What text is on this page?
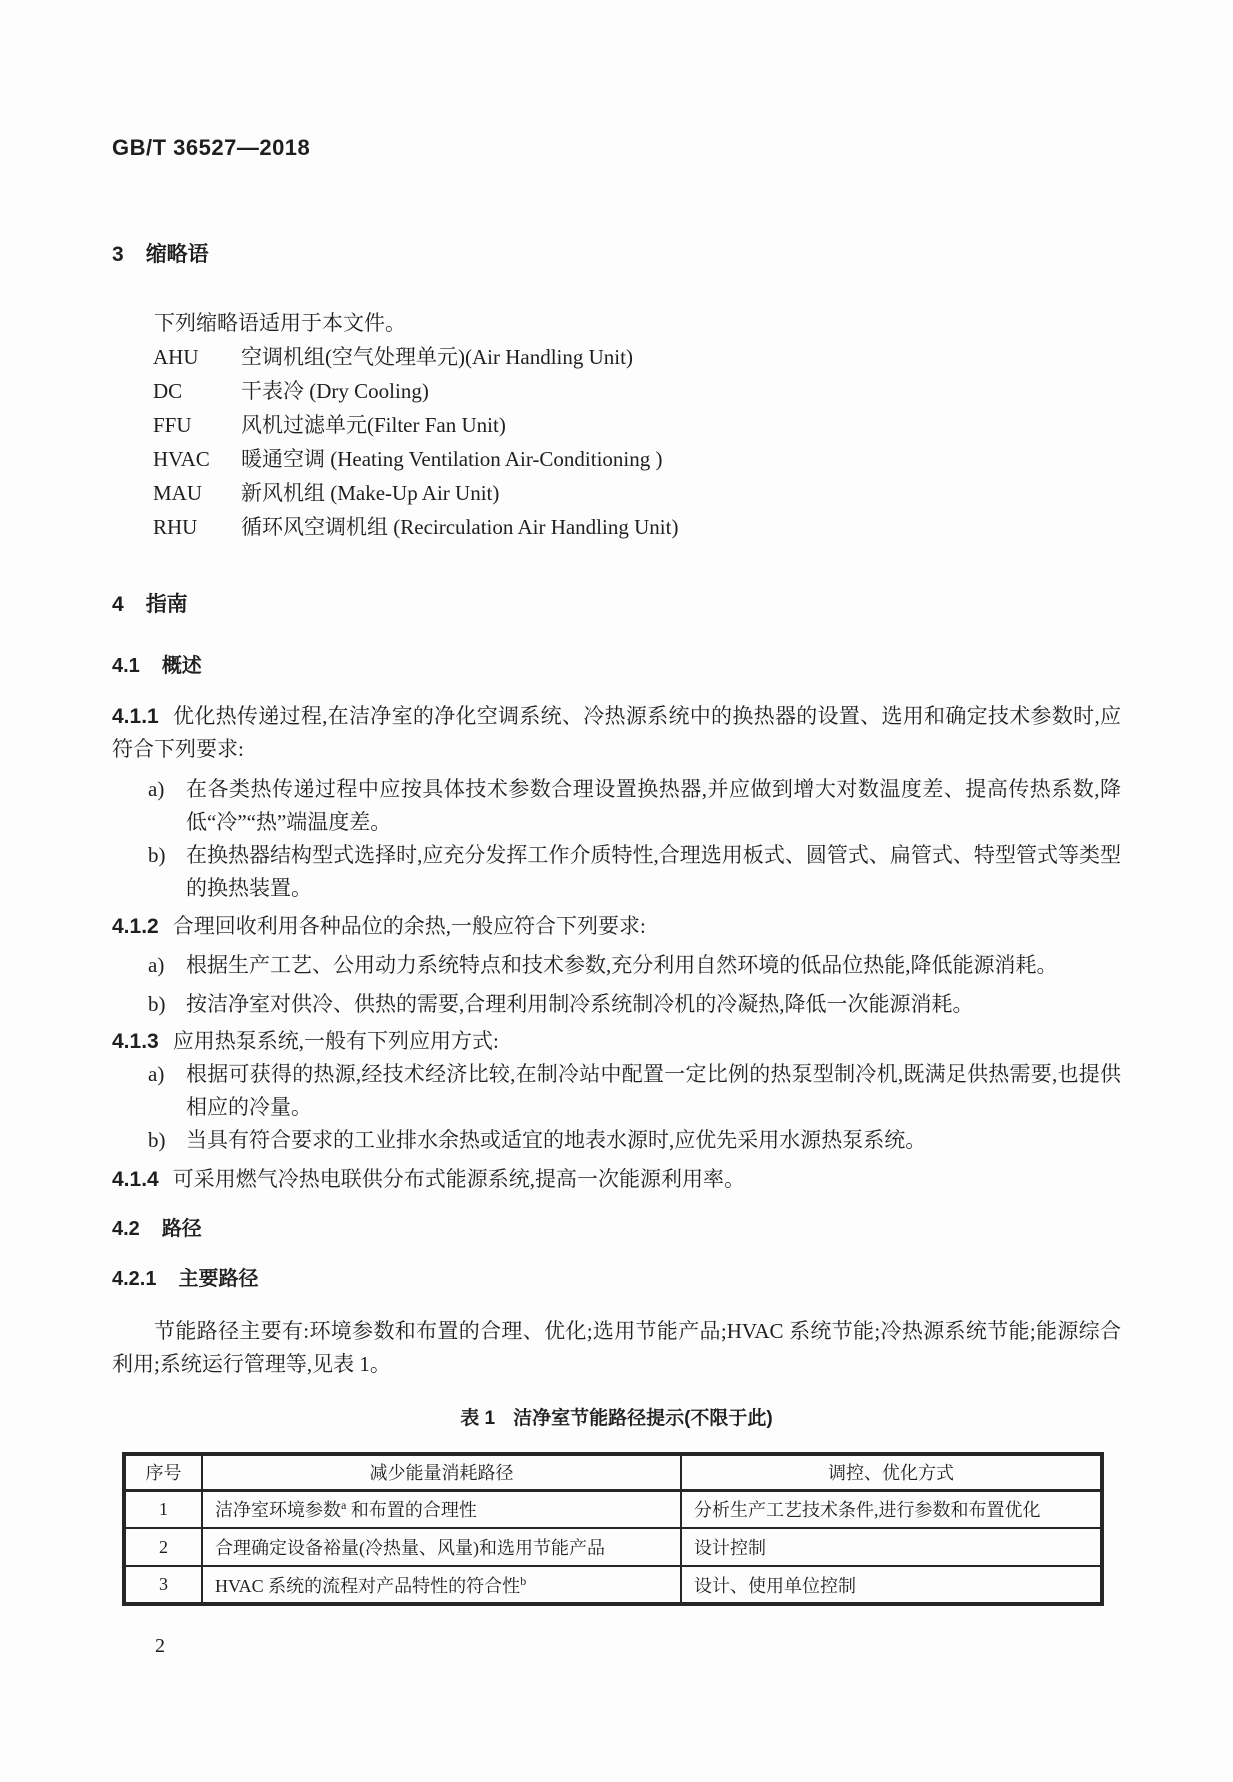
GB/T 36527—2018
3 缩略语

下列缩略语适用于本文件。

AHU 空调机组(空气处理单元)(Air Handling Unit)
DC	干表冷 (Dry Cooling)
FFU 风机过滤单元(Filter Fan Unit)
HVAC 暖通空调 (Heating Ventilation Air-Conditioning )
MAU 新风机组 (Make-Up Air Unit)
RHU 循环风空调机组 (Recirculation Air Handling Unit)
4 指南
4.1 概述

4.1.1 优化热传递过程,在洁净室的净化空调系统、冷热源系统中的换热器的设置、选用和确定技术参数时,应符合下列要求:

a)	在各类热传递过程中应按具体技术参数合理设置换热器,并应做到增大对数温度差、提高传热系数,降低“冷”“热”端温度差。
b) 在换热器结构型式选择时,应充分发挥工作介质特性,合理选用板式、圆管式、扁管式、特型管式等类型的换热装置。

4.1.2 合理回收利用各种品位的余热,一般应符合下列要求:

a)	根据生产工艺、公用动力系统特点和技术参数,充分利用自然环境的低品位热能,降低能源消耗。
b) 按洁净室对供冷、供热的需要,合理利用制冷系统制冷机的冷凝热,降低一次能源消耗。

4.1.3 应用热泵系统,一般有下列应用方式:

a)	根据可获得的热源,经技术经济比较,在制冷站中配置一定比例的热泵型制冷机,既满足供热需要,也提供相应的冷量。
b) 当具有符合要求的工业排水余热或适宜的地表水源时,应优先采用水源热泵系统。

4.1.4 可采用燃气冷热电联供分布式能源系统,提高一次能源利用率。

4.2 路径
4.2.1 主要路径

节能路径主要有:环境参数和布置的合理、优化;选用节能产品;HVAC 系统节能;冷热源系统节能;能源综合利用;系统运行管理等,见表 1。

表 1 洁净室节能路径提示(不限于此)
序号	减少能量消耗路径	调控、优化方式
1	洁净室环境参数$^a$ 和布置的合理性	分析生产工艺技术条件,进行参数和布置优化
2	合理确定设备裕量(冷热量、风量)和选用节能产品	设计控制
3	HVAC 系统的流程对产品特性的符合性$^b$	设计、使用单位控制
2
